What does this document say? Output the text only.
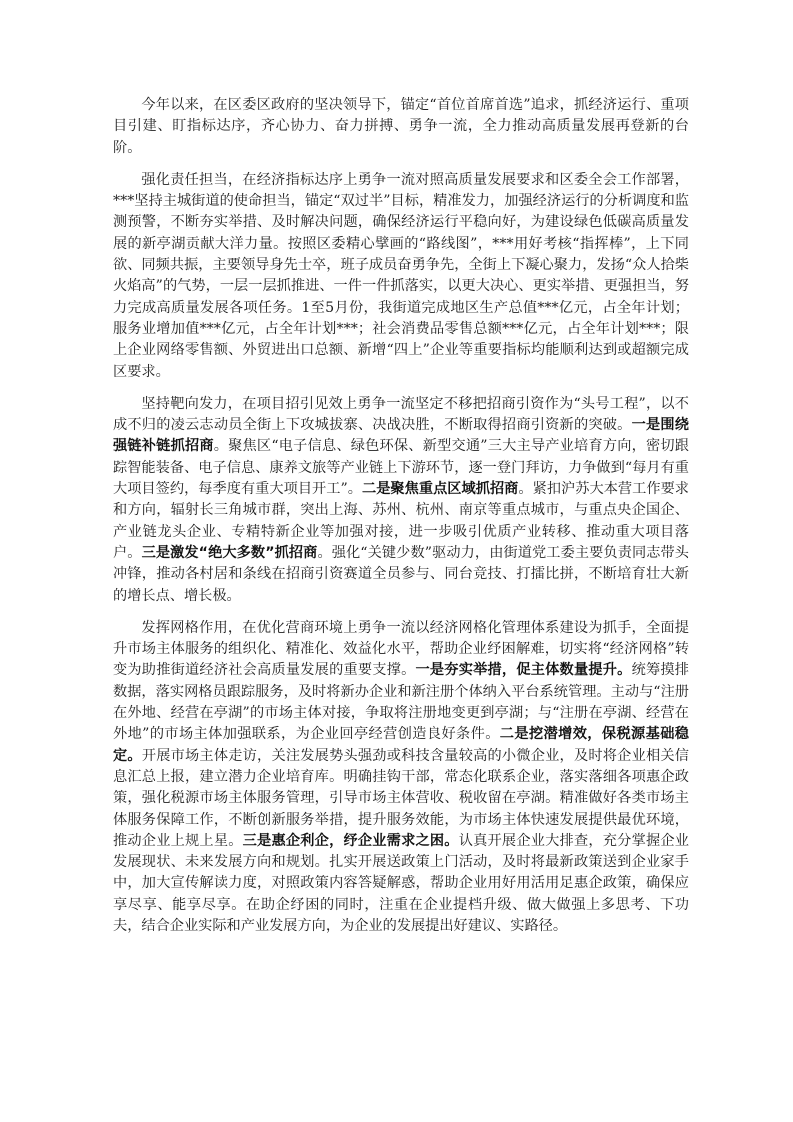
今年以来，在区委区政府的坚决领导下，锚定“首位首席首选”追求，抓经济运行、重项目引建、盯指标达序，齐心协力、奋力拼搏、勇争一流，全力推动高质量发展再登新的台阶。

强化责任担当，在经济指标达序上勇争一流对照高质量发展要求和区委全会工作部署，***坚持主城街道的使命担当，锚定“双过半”目标，精准发力，加强经济运行的分析调度和监测预警，不断夯实举措、及时解决问题，确保经济运行平稳向好，为建设绿色低碳高质量发展的新亭湖贡献大洋力量。按照区委精心擘画的“路线图”，***用好考核“指挥棒”，上下同欲、同频共振，主要领导身先士卒，班子成员奋勇争先，全街上下凝心聚力，发扬“众人拾柴火焰高”的气势，一层一层抓推进、一件一件抓落实，以更大决心、更实举措、更强担当，努力完成高质量发展各项任务。1至5月份，我街道完成地区生产总值***亿元，占全年计划；服务业增加值***亿元，占全年计划***；社会消费品零售总额***亿元，占全年计划***；限上企业网络零售额、外贸进出口总额、新增“四上”企业等重要指标均能顺利达到或超额完成区要求。

坚持靶向发力，在项目招引见效上勇争一流坚定不移把招商引资作为“头号工程”，以不成不归的凌云志动员全街上下攻城拔寨、决战决胜，不断取得招商引资新的突破。一是围绕强链补链抓招商。聚焦区“电子信息、绿色环保、新型交通”三大主导产业培育方向，密切跟踪智能装备、电子信息、康养文旅等产业链上下游环节，逐一登门拜访，力争做到“每月有重大项目签约，每季度有重大项目开工”。二是聚焦重点区域抓招商。紧扣沪苏大本营工作要求和方向，辐射长三角城市群，突出上海、苏州、杭州、南京等重点城市，与重点央企国企、产业链龙头企业、专精特新企业等加强对接，进一步吸引优质产业转移、推动重大项目落户。三是激发“绝大多数”抓招商。强化“关键少数”驱动力，由街道党工委主要负责同志带头冲锋，推动各村居和条线在招商引资赛道全员参与、同台竞技、打擂比拼，不断培育壮大新的增长点、增长极。

发挥网格作用，在优化营商环境上勇争一流以经济网格化管理体系建设为抓手，全面提升市场主体服务的组织化、精准化、效益化水平，帮助企业纾困解难，切实将“经济网格”转变为助推街道经济社会高质量发展的重要支撑。一是夯实举措，促主体数量提升。统筹摸排数据，落实网格员跟踪服务，及时将新办企业和新注册个体纳入平台系统管理。主动与“注册在外地、经营在亭湖”的市场主体对接，争取将注册地变更到亭湖；与“注册在亭湖、经营在外地”的市场主体加强联系，为企业回亭经营创造良好条件。二是挖潜增效，保税源基础稳定。开展市场主体走访，关注发展势头强劲或科技含量较高的小微企业，及时将企业相关信息汇总上报，建立潜力企业培育库。明确挂钩干部，常态化联系企业，落实落细各项惠企政策，强化税源市场主体服务管理，引导市场主体营收、税收留在亭湖。精准做好各类市场主体服务保障工作，不断创新服务举措，提升服务效能，为市场主体快速发展提供最优环境，推动企业上规上星。三是惠企利企，纾企业需求之困。认真开展企业大排查，充分掌握企业发展现状、未来发展方向和规划。扎实开展送政策上门活动，及时将最新政策送到企业家手中，加大宣传解读力度，对照政策内容答疑解惑，帮助企业用好用活用足惠企政策，确保应享尽享、能享尽享。在助企纾困的同时，注重在企业提档升级、做大做强上多思考、下功夫，结合企业实际和产业发展方向，为企业的发展提出好建议、实路径。
